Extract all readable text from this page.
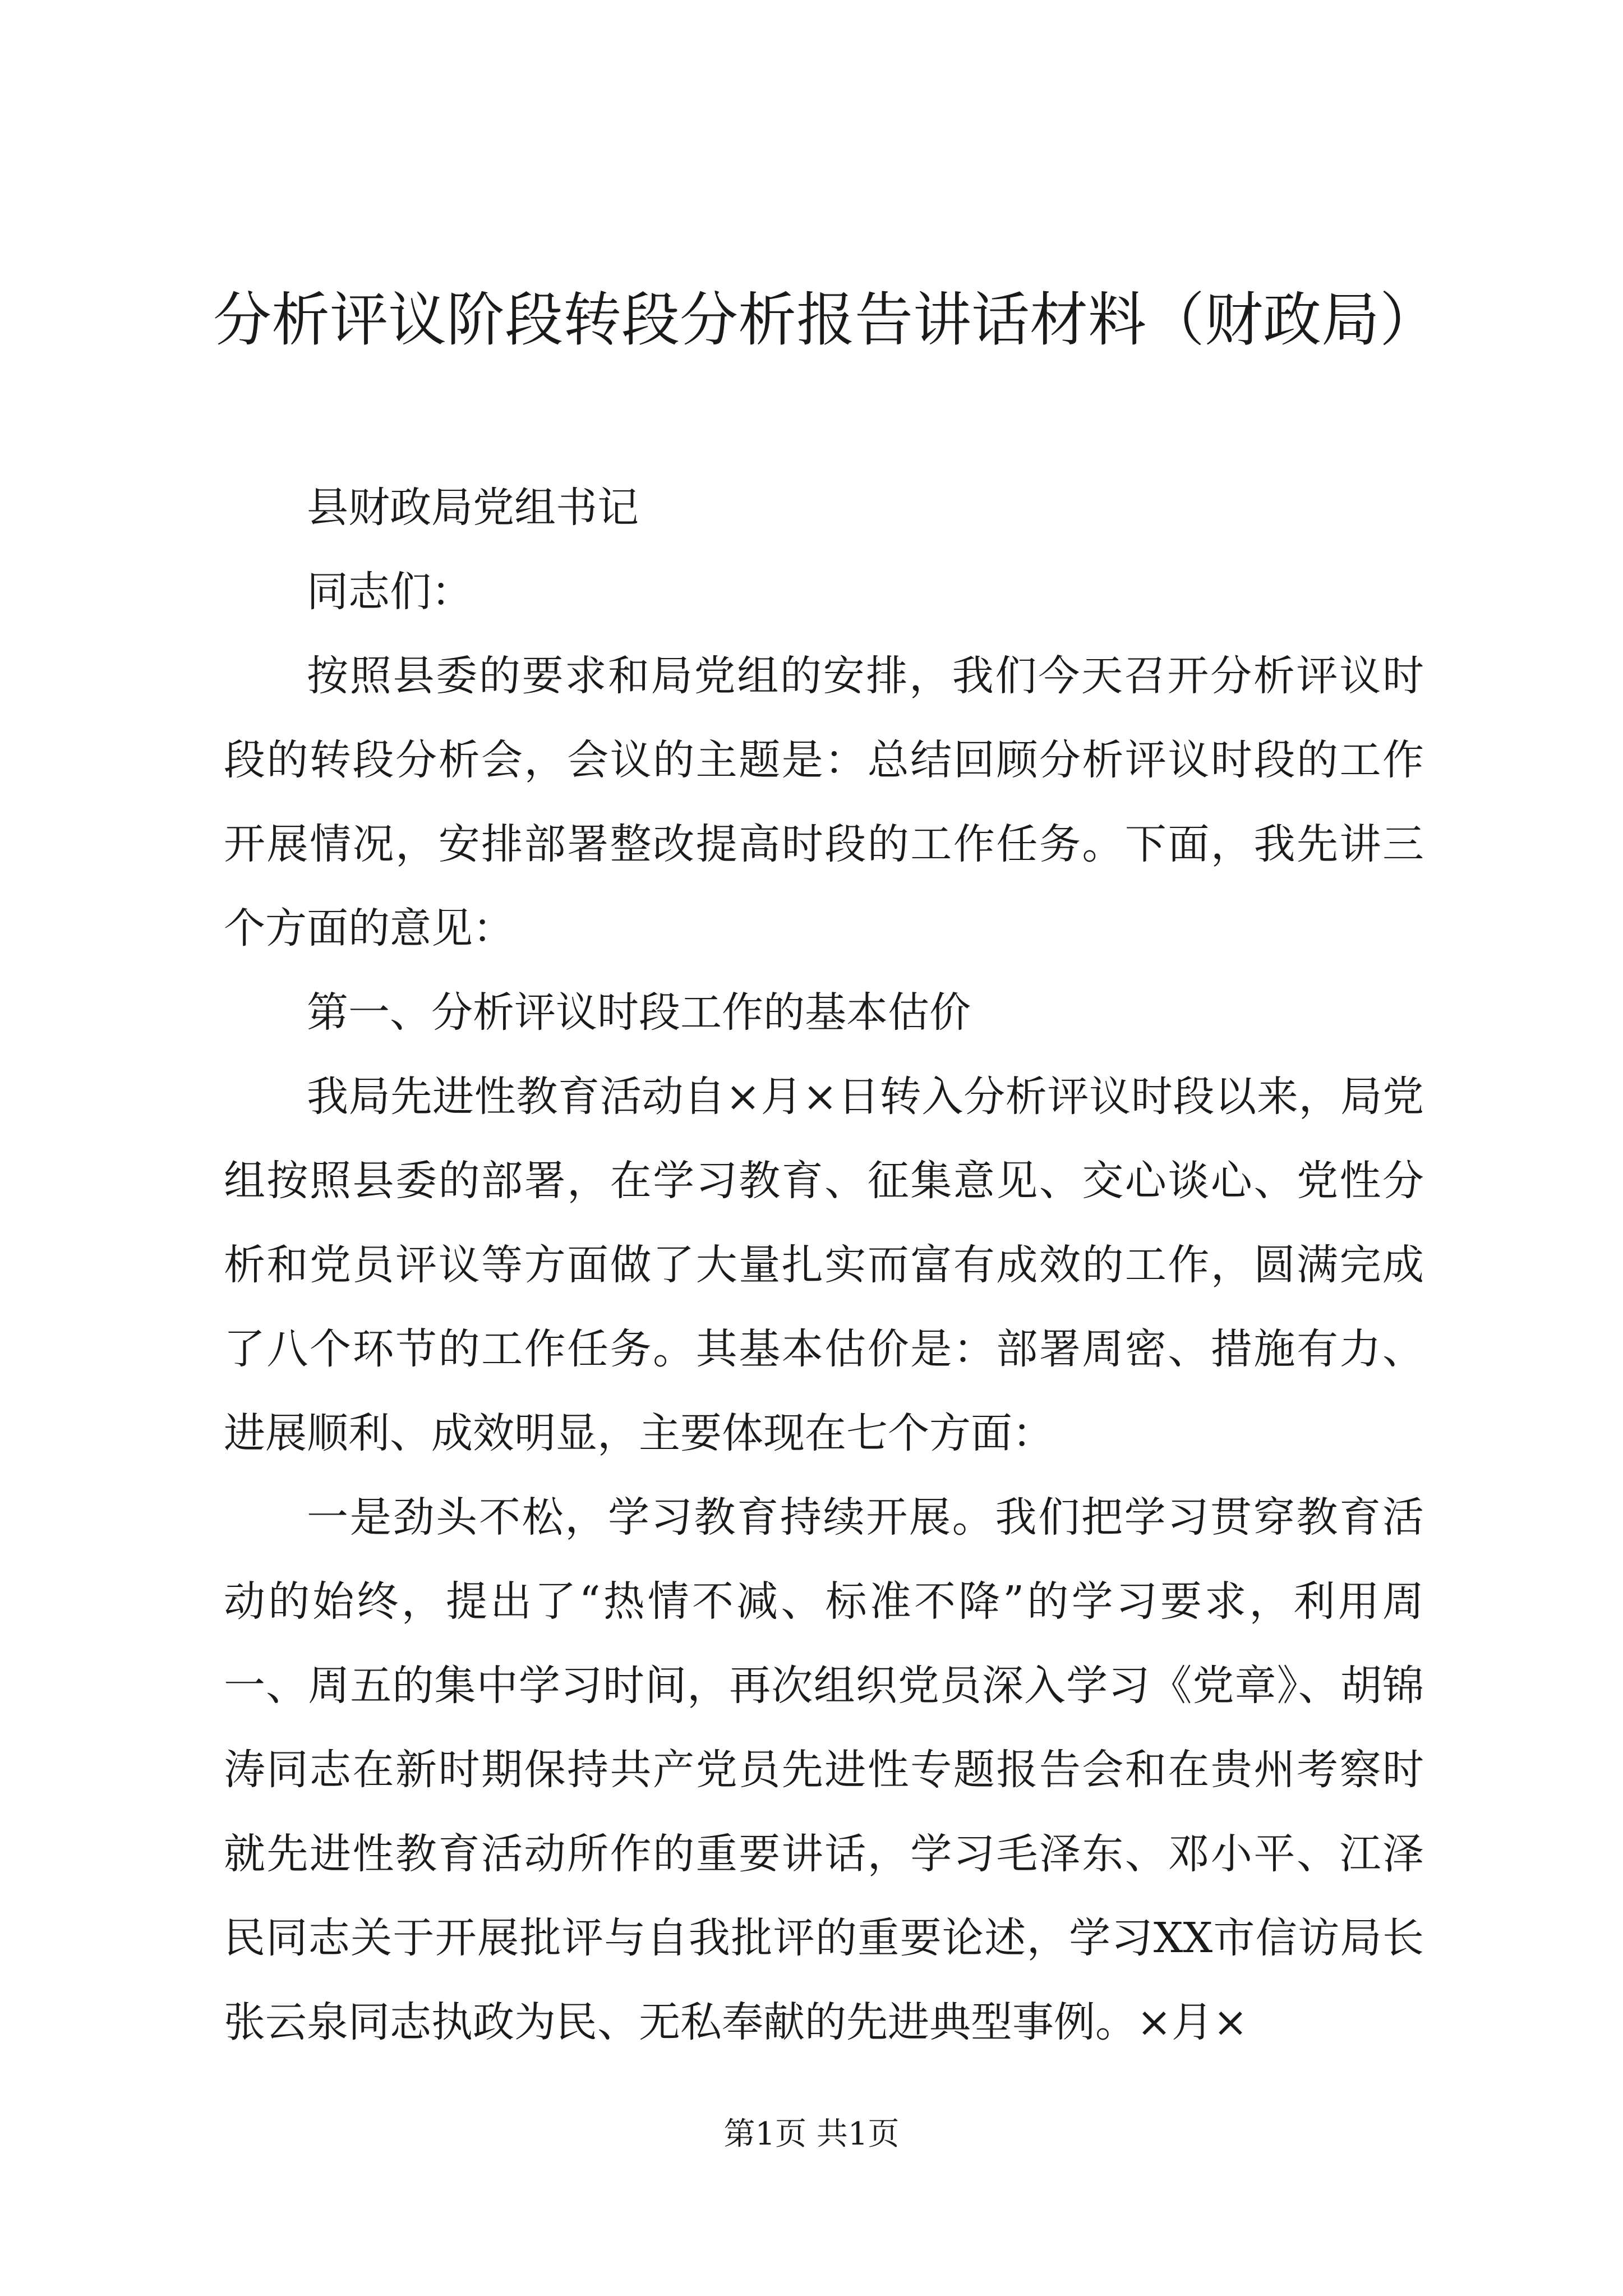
分析评议阶段转段分析报告讲话材料（财政局）

县财政局党组书记

同志们：

按照县委的要求和局党组的安排，我们今天召开分析评议时段的转段分析会，会议的主题是：总结回顾分析评议时段的工作开展情况，安排部署整改提高时段的工作任务。下面，我先讲三个方面的意见：

第一、分析评议时段工作的基本估价

我局先进性教育活动自×月×日转入分析评议时段以来，局党组按照县委的部署，在学习教育、征集意见、交心谈心、党性分析和党员评议等方面做了大量扎实而富有成效的工作，圆满完成了八个环节的工作任务。其基本估价是：部署周密、措施有力、进展顺利、成效明显，主要体现在七个方面：

一是劲头不松，学习教育持续开展。我们把学习贯穿教育活动的始终，提出了“热情不减、标准不降”的学习要求，利用周一、周五的集中学习时间，再次组织党员深入学习《党章》、胡锦涛同志在新时期保持共产党员先进性专题报告会和在贵州考察时就先进性教育活动所作的重要讲话，学习毛泽东、邓小平、江泽民同志关于开展批评与自我批评的重要论述，学习XX市信访局长张云泉同志执政为民、无私奉献的先进典型事例。×月×

第1页 共1页
